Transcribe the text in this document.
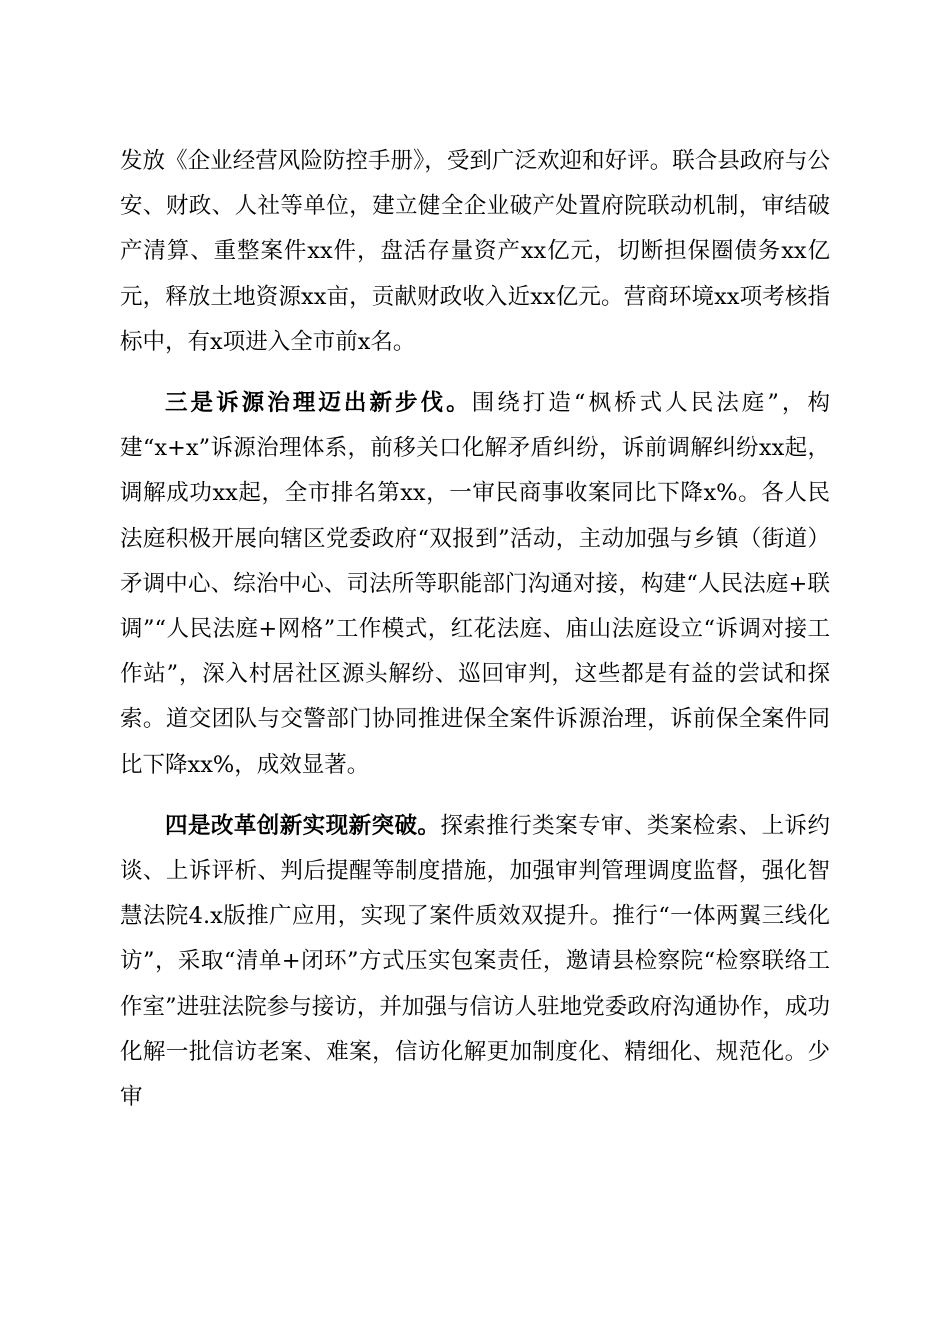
发放《企业经营风险防控手册》，受到广泛欢迎和好评。联合县政府与公安、财政、人社等单位，建立健全企业破产处置府院联动机制，审结破产清算、重整案件xx件，盘活存量资产xx亿元，切断担保圈债务xx亿元，释放土地资源xx亩，贡献财政收入近xx亿元。营商环境xx项考核指标中，有x项进入全市前x名。

三是诉源治理迈出新步伐。围绕打造“枫桥式人民法庭”，构建“x+x”诉源治理体系，前移关口化解矛盾纠纷，诉前调解纠纷xx起，调解成功xx起，全市排名第xx，一审民商事收案同比下降x%。各人民法庭积极开展向辖区党委政府“双报到”活动，主动加强与乡镇（街道）矛调中心、综治中心、司法所等职能部门沟通对接，构建“人民法庭+联调”“人民法庭+网格”工作模式，红花法庭、庙山法庭设立“诉调对接工作站”，深入村居社区源头解纷、巡回审判，这些都是有益的尝试和探索。道交团队与交警部门协同推进保全案件诉源治理，诉前保全案件同比下降xx%，成效显著。

四是改革创新实现新突破。探索推行类案专审、类案检索、上诉约谈、上诉评析、判后提醒等制度措施，加强审判管理调度监督，强化智慧法院4.x版推广应用，实现了案件质效双提升。推行“一体两翼三线化访”，采取“清单+闭环”方式压实包案责任，邀请县检察院“检察联络工作室”进驻法院参与接访，并加强与信访人驻地党委政府沟通协作，成功化解一批信访老案、难案，信访化解更加制度化、精细化、规范化。少审
